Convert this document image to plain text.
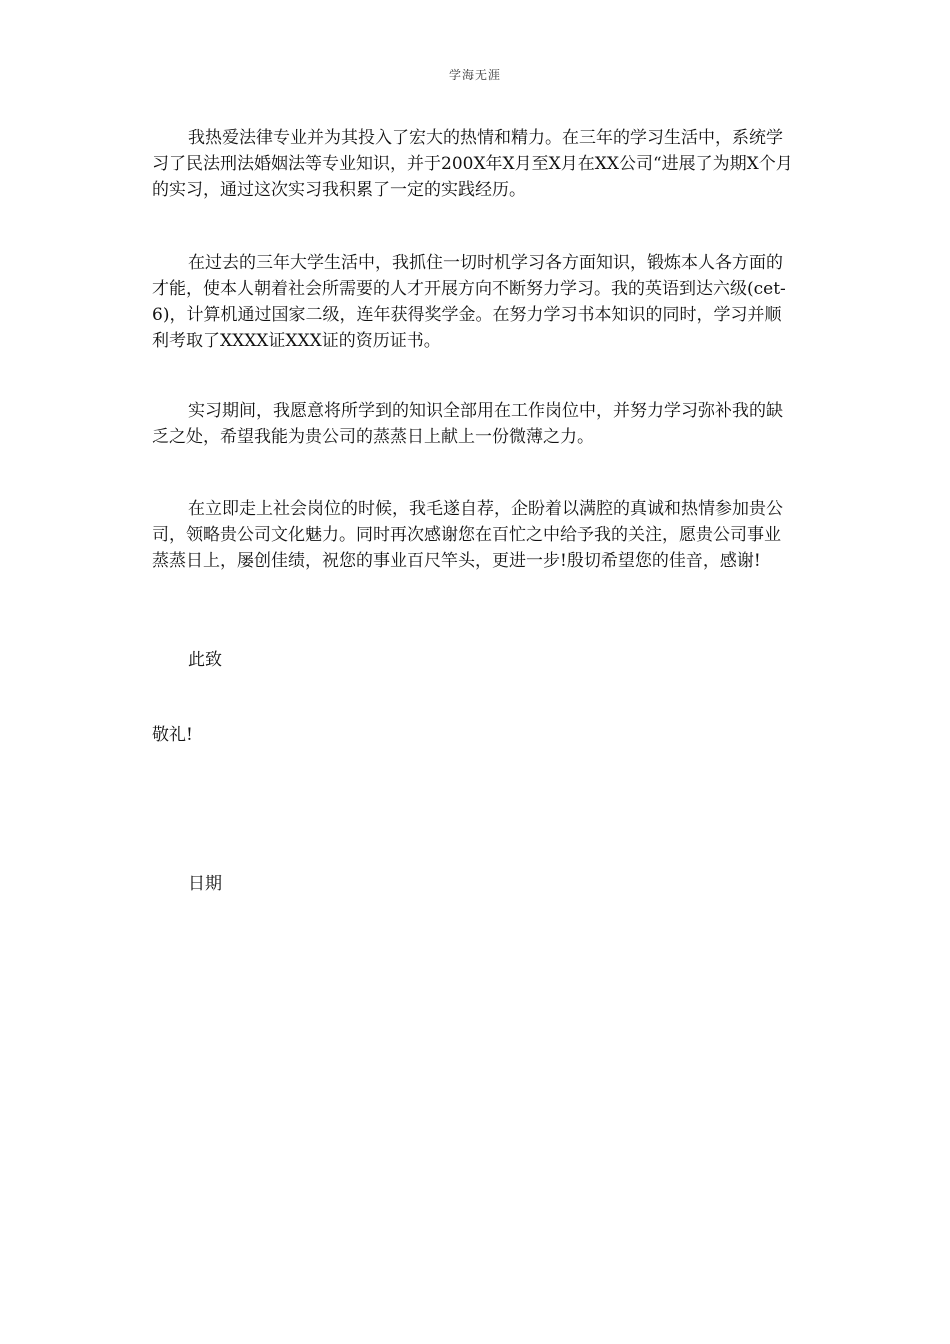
学海无涯

我热爱法律专业并为其投入了宏大的热情和精力。在三年的学习生活中，系统学习了民法刑法婚姻法等专业知识，并于200X年X月至X月在XX公司“进展了为期X个月的实习，通过这次实习我积累了一定的实践经历。

在过去的三年大学生活中，我抓住一切时机学习各方面知识，锻炼本人各方面的才能，使本人朝着社会所需要的人才开展方向不断努力学习。我的英语到达六级(cet-6)，计算机通过国家二级，连年获得奖学金。在努力学习书本知识的同时，学习并顺利考取了XXXX证XXX证的资历证书。

实习期间，我愿意将所学到的知识全部用在工作岗位中，并努力学习弥补我的缺乏之处，希望我能为贵公司的蒸蒸日上献上一份微薄之力。

在立即走上社会岗位的时候，我毛遂自荐，企盼着以满腔的真诚和热情参加贵公司，领略贵公司文化魅力。同时再次感谢您在百忙之中给予我的关注，愿贵公司事业蒸蒸日上，屡创佳绩，祝您的事业百尺竿头，更进一步!殷切希望您的佳音，感谢!

此致
敬礼!
日期
